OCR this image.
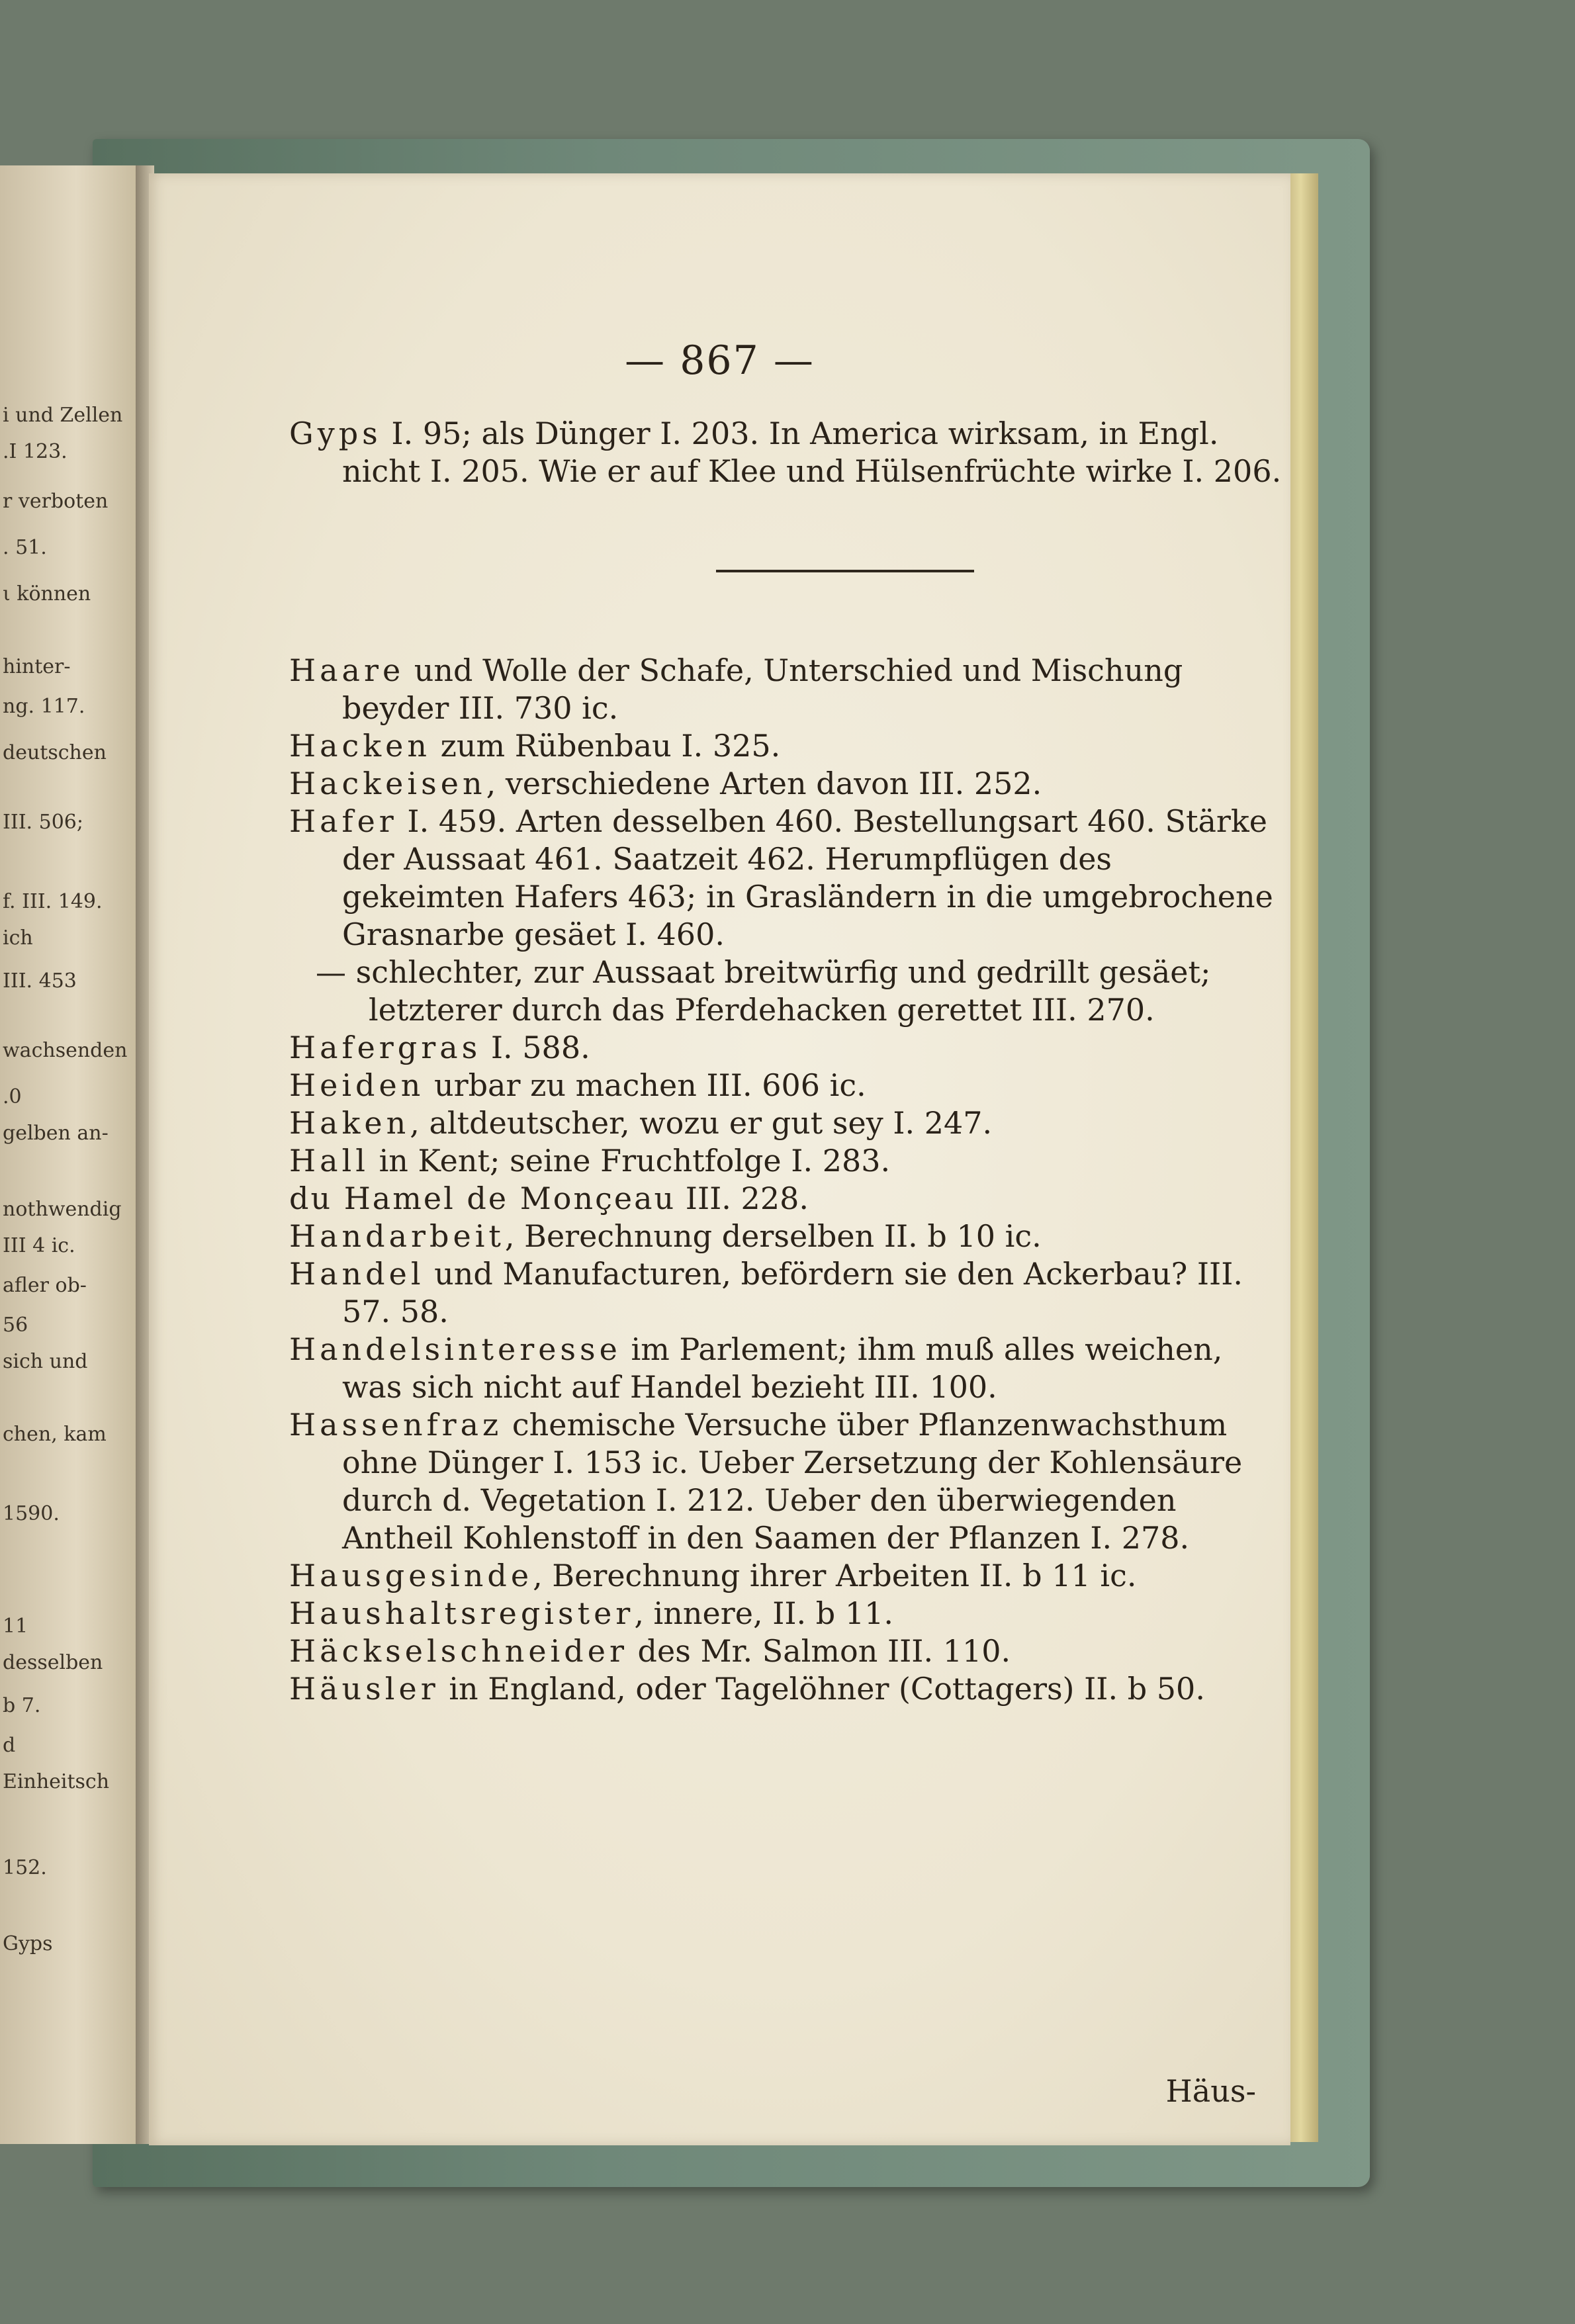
i und Zellen
.I 123.
r verboten
. 51.
ι können
hinter-
ng. 117.
deutschen
III. 506;
f. III. 149.
ich
III. 453
wachsenden
.0
gelben an-
nothwendig
III 4 ic.
afler ob-
56
sich und
chen, kam
1590.
11
desselben
b 7.
d
Einheitsch
152.
Gyps
— 867 —
Gyps I. 95; als Dünger I. 203. In America wirksam, in Engl. nicht I. 205. Wie er auf Klee und Hülsenfrüchte wirke I. 206.
Haare und Wolle der Schafe, Unterschied und Mischung beyder III. 730 ic.
Hacken zum Rübenbau I. 325.
Hackeisen, verschiedene Arten davon III. 252.
Hafer I. 459. Arten desselben 460. Bestellungsart 460. Stärke der Aussaat 461. Saatzeit 462. Herumpflügen des gekeimten Hafers 463; in Grasländern in die umgebrochene Grasnarbe gesäet I. 460.
— schlechter, zur Aussaat breitwürfig und gedrillt gesäet; letzterer durch das Pferdehacken gerettet III. 270.
Hafergras I. 588.
Heiden urbar zu machen III. 606 ic.
Haken, altdeutscher, wozu er gut sey I. 247.
Hall in Kent; seine Fruchtfolge I. 283.
du Hamel de Monçeau III. 228.
Handarbeit, Berechnung derselben II. b 10 ic.
Handel und Manufacturen, befördern sie den Ackerbau? III. 57. 58.
Handelsinteresse im Parlement; ihm muß alles weichen, was sich nicht auf Handel bezieht III. 100.
Hassenfraz chemische Versuche über Pflanzenwachsthum ohne Dünger I. 153 ic. Ueber Zersetzung der Kohlensäure durch d. Vegetation I. 212. Ueber den überwiegenden Antheil Kohlenstoff in den Saamen der Pflanzen I. 278.
Hausgesinde, Berechnung ihrer Arbeiten II. b 11 ic.
Haushaltsregister, innere, II. b 11.
Häckselschneider des Mr. Salmon III. 110.
Häusler in England, oder Tagelöhner (Cottagers) II. b 50.
Häus-
